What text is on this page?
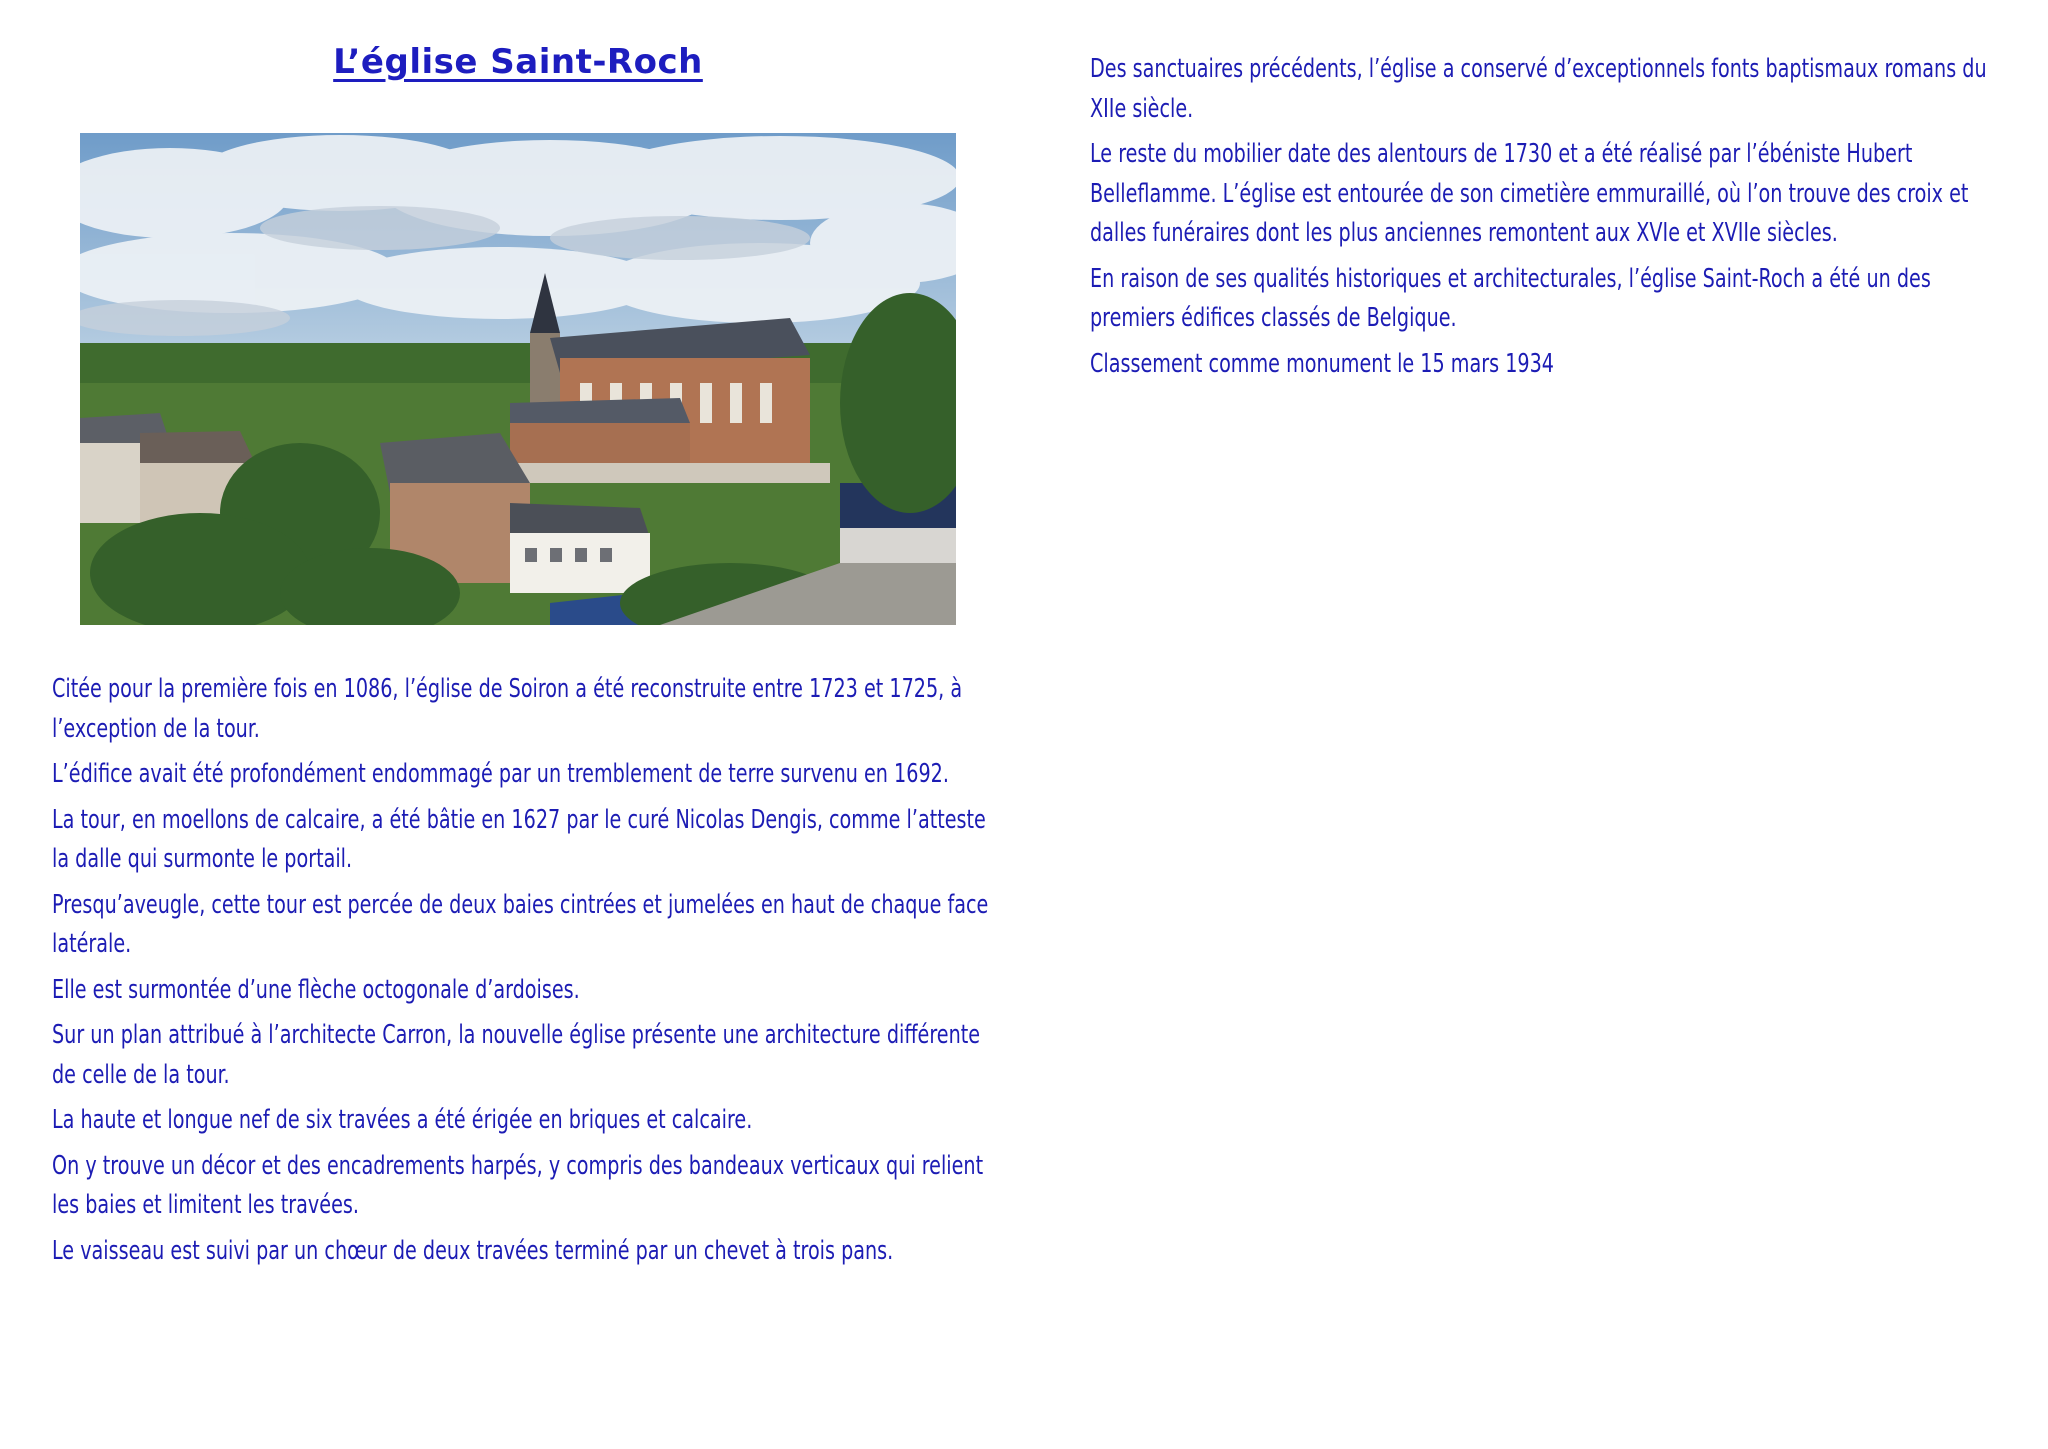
L’église Saint-Roch

Citée pour la première fois en 1086, l’église de Soiron a été reconstruite entre 1723 et 1725, à l’exception de la tour.

L’édifice avait été profondément endommagé par un tremblement de terre survenu en 1692.

La tour, en moellons de calcaire, a été bâtie en 1627 par le curé Nicolas Dengis, comme l’atteste la dalle qui surmonte le portail.

Presqu’aveugle, cette tour est percée de deux baies cintrées et jumelées en haut de chaque face latérale.

Elle est surmontée d’une flèche octogonale d’ardoises.

Sur un plan attribué à l’architecte Carron, la nouvelle église présente une architecture différente de celle de la tour.

La haute et longue nef de six travées a été érigée en briques et calcaire.

On y trouve un décor et des encadrements harpés, y compris des bandeaux verticaux qui relient les baies et limitent les travées.

Le vaisseau est suivi par un chœur de deux travées terminé par un chevet à trois pans.

Des sanctuaires précédents, l’église a conservé d’exceptionnels fonts baptismaux romans du XIIe siècle.

Le reste du mobilier date des alentours de 1730 et a été réalisé par l’ébéniste Hubert Belleflamme. L’église est entourée de son cimetière emmuraillé, où l’on trouve des croix et dalles funéraires dont les plus anciennes remontent aux XVIe et XVIIe siècles.

En raison de ses qualités historiques et architecturales, l’église Saint-Roch a été un des premiers édifices classés de Belgique.

Classement comme monument le 15 mars 1934
